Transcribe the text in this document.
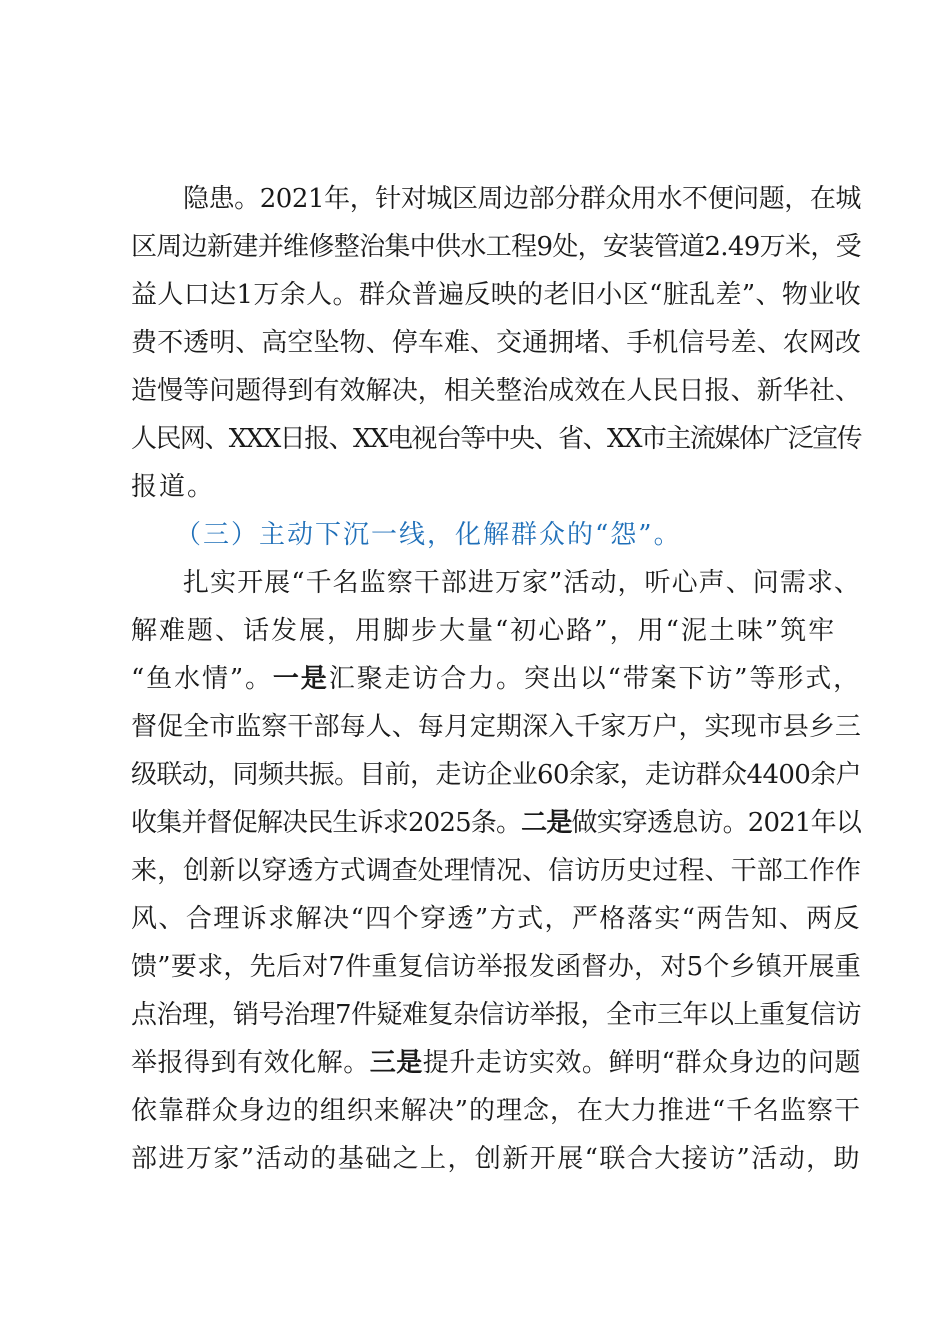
隐患。2021年，针对城区周边部分群众用水不便问题，在城
区周边新建并维修整治集中供水工程9处，安装管道2.49万米，受
益人口达1万余人。群众普遍反映的老旧小区“脏乱差”、物业收
费不透明、高空坠物、停车难、交通拥堵、手机信号差、农网改
造慢等问题得到有效解决，相关整治成效在人民日报、新华社、
人民网、XXX日报、XX电视台等中央、省、XX市主流媒体广泛宣传
报道。
（三）主动下沉一线，化解群众的“怨”。
扎实开展“千名监察干部进万家”活动，听心声、问需求、
解难题、话发展，用脚步大量“初心路”，用“泥土味”筑牢
“鱼水情”。一是汇聚走访合力。突出以“带案下访”等形式，
督促全市监察干部每人、每月定期深入千家万户，实现市县乡三
级联动，同频共振。目前，走访企业60余家，走访群众4400余户
收集并督促解决民生诉求2025条。二是做实穿透息访。2021年以
来，创新以穿透方式调查处理情况、信访历史过程、干部工作作
风、合理诉求解决“四个穿透”方式，严格落实“两告知、两反
馈”要求，先后对7件重复信访举报发函督办，对5个乡镇开展重
点治理，销号治理7件疑难复杂信访举报，全市三年以上重复信访
举报得到有效化解。三是提升走访实效。鲜明“群众身边的问题
依靠群众身边的组织来解决”的理念，在大力推进“千名监察干
部进万家”活动的基础之上，创新开展“联合大接访”活动，助
